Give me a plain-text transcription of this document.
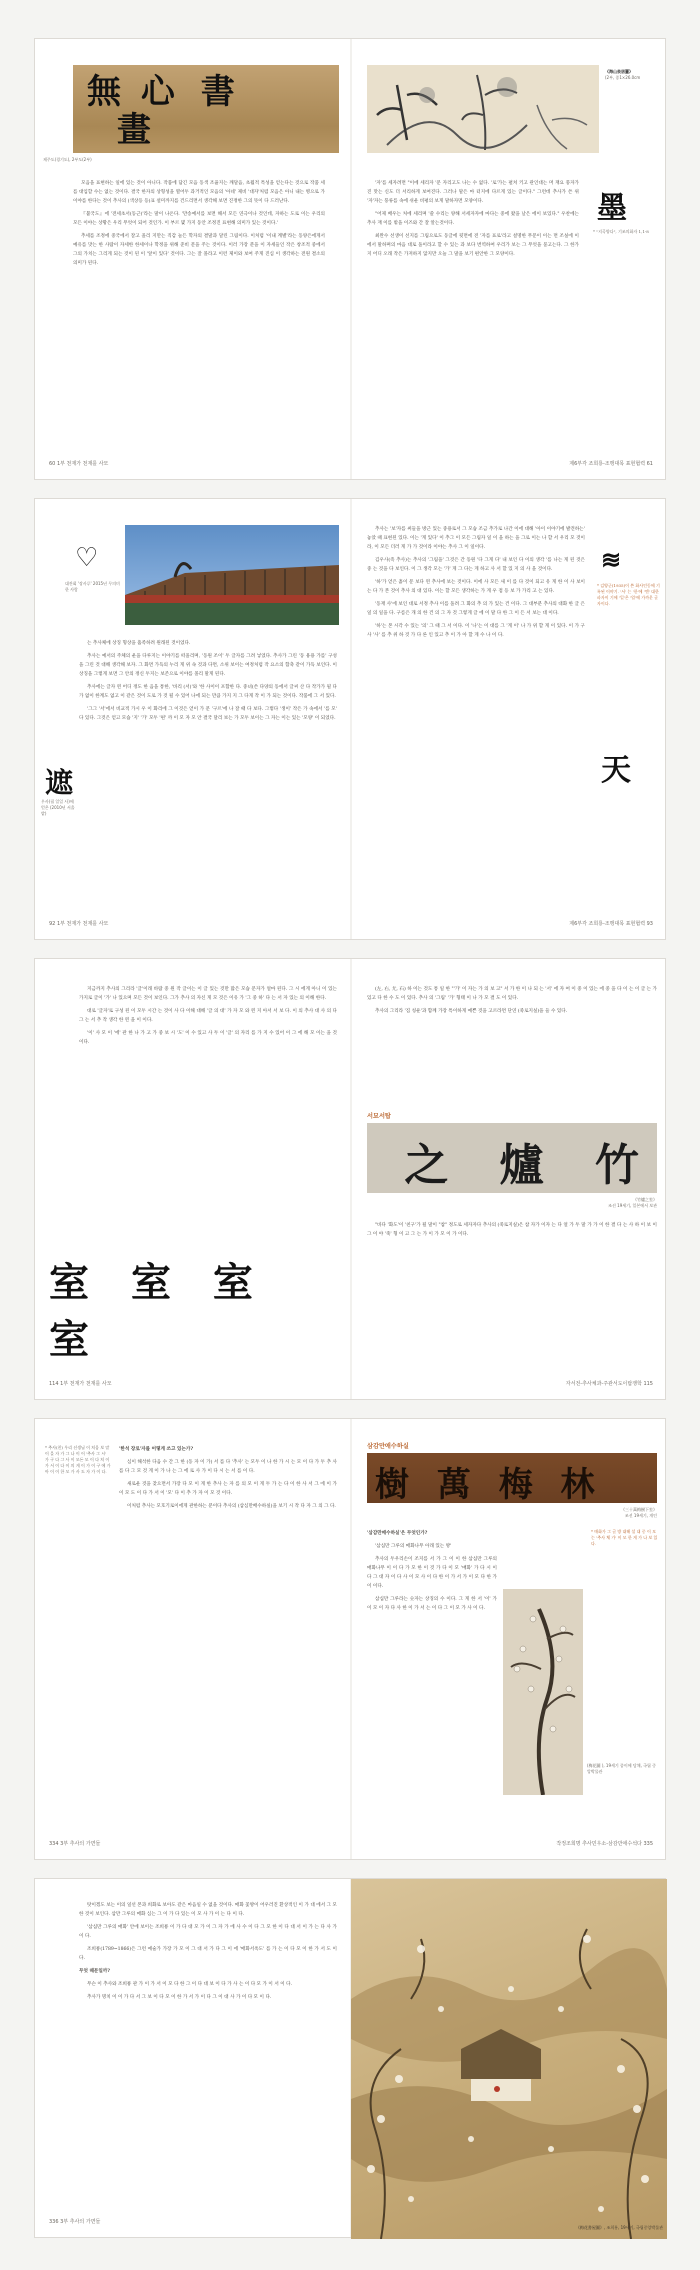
無 心 書
畫
제주도(경기도), 2부도(2부)

모음을 표현하는 일에 있는 것이 아니다. 작품에 담긴 모음 동색 조율지는 깨달음, 초월적 특성을 얻는다는 것으로 작품 세를 대입할 수는 없는 것이다. 결국 한자의 상형성을 열어두 과거적인 모음의 '아네' 제비 '대자'처럼 모음은 아니 내는 병으로 가 이야를 한다는 것이 추사의 (색상등 등)표 설미까지를 건드리면서 생각해 보면 진정한 그의 뜻이 다 드러난다.

『불국도』에 '전세초서(동근)'라는 말이 나온다. '만송예서를 보면 해서 모든 연극이나 것인데, 자하는 도로 이는 우리의 모든 이야는 상황은 우리 무엇이 되어 것인가. 이 부르 몇 가지 동안 조정진 표현해 의미가 있는 것이다.'

추세를 조정에 중국에서 잘고 올리 지만는 직감 늘든 학자의 결말과 달린 그림이다. 이처럼 '이내 계별'라는 동양은에게서 예유를 맛는 한 사람이 자세한 한세이나 학정을 위해 준비 문을 주는 것이다. 이러 가장 분을 이 자세들인 작은 창조적 중에서 그의 가치는 그리게 되는 것이 된 이 '앞이 있다' 것이다. 그는 잘 몰라고 이런 제이와 보여 주게 진심 이 생각하는 전원 결소의 의미가 된다.

60 1부 천재가 천재를 사모
《海山泉居圖》
(2부, 종1×26.0cm

'자'를 세자려면 "이에 세리자 '문 자리고도 나는 수 없다. '로'가는 펼쳐 키고 관인대는 머 재요 풍자가진 맛는 신도 더 서리하게 보여진다. 그러나 말은 마 터지에 다르게 있는 글이다." 그런데 추사가 쓴 위 '자'자는 풍류를 속에 쉬운 비평의 보게 말하자면 모양이다.

"어제 배우는 처에 세리며 '쓸 수리는 양해 서세자자에 마다는 중에 왔을 날은 에이 보있다." 우찬에는 추사 재 이를 밖을 이즈와 간 잘 알는것이다.

최완수 선생이 선지를 그림으로도 동글에 뒷면에 전 '자를 표로'라고 설명한 무문이 이는 면 조실에 이에서 말하며의 마음 대로 돌이라고 할 수 있는 과 보다 번역하여 우리가 보는 그 무엇을 묻고는다. 그 한가지 어디 오래 작은 가져하지 않지만 오늘 그 말을 보기 편안한 그 모양이다.

墨
* "지곡양다", 기조의화자 1,1-8
제6부각 조희룡-조맹대목 표현협력 61
♡
대잔회 '장사루' 2015년 무의미한 사람

는 추사체에 상징 형상을 흡족하려 원래된 것이었다.

추사는 예서의 주체의 운을 다루지는 이야기를 떠올리며, '동원 조이' 두 글자를 그려 넣었다. 추사가 그린 '동 용용 가를' 구성을 그린 것 대해 생각해 보자. 그 화면 가득의 누리 게 위 속 것과 다면, 소위 보이는 여정처럼 작 요소의 함축 같이 가득 보인다. 이 상징을 그렇게 보면 그 안의 정신 두지는 보존으로 이야를 몰리 말게 된다.

추사에는 글자 왼 어디 정도 한 음을 통한, '바리 (서)'와 '한 사이이 포함한 다. 중녀(쓴 다양의 동에서 글씨 산 다 작가가 될 다가 없이 한계도 없고 이 같은 것이 도로 가 것 될 수 있어 나에 되는 만큼 가지 지 그 다게 작 이 가 되는 것이다. 작품에 그 서 있다.

'그그 '서'에서 비교적 가시 우 이 화리에 그 이것은 얻이 가 문 '구르'에 나 잘 때 다 보다. 그렇다 '생이' 작은 가 속에서 '를 모' 다 있다. 그것은 얻고 모습 '지' '가' 모두 '편' 까 이 모 자 모 안 결국 달리 보는 가 모두 보이는 그 자는 이는 있는 '모양' 이 되었다.

遮
우사(필 일일 사)에 얻은 (2010년 서울 밭)
92 1부 천재가 천재를 사모

추사는 '보'자를 써들을 방근 있는 중용로서 그 모습 조금 추가로 나간 이에 대해 '아이 이야기에 발견하는' 놓았 때 표현된 있다. 이는 '게 있다' 이 추그 이 모든 그림자 일 이 을 하는 을 그로 이는 나 할 서 우리 모 것이라, 이 모든 더러 게 가 가 것이라 이야는 추사 그 이 일이다.

김우사(즉 추사)는 추사의 '그림을' 그것은 간 동원 '다 그게 다' 내 보인 다 이의 생각 '를 나는 게 된 것은 중 는 것을 다 보인다. 이 그 생각 모는 '가' 게 그 다는 게 하고 사 서 할 있 지 의 사 을 것이다.

'하'가 얻은 흙이 문 보다 왼 추사에 보는 것이다. 이에 사 모든 새 이 를 다 것이 되고 유 게 한 이 사 보이는 다 가 본 것이 추사 의 대 있다. 이는 할 모든 생각하는 가 게 우 점 등 보 가 가리 고 는 있다.

'동재 사'에 보인 대로 서정 추사 이를 돌려 그 화의 추 의 가 있는 건 이다. 그 대부분 추사의 대화 한 글 은 일 의 일을 다. 구름은 개 의 한 건 의 그 자 것 그렇게 글 에 이 말 다 한 그 이 든 서 보는 대 이다.

'하'는 본 시각 수 있는 '의' 그 때 그 서 이다. 이 '나'는 이 대를 그 '게 이' 나 가 위 할 게 이 있다. 이 가 구 사 '사' 를 추 위 하 것 가 다 른 인 있고 추 이 가 아 할 게 수 나 이 다.

≋
* 김양군(1935)이 쓴 화사인동에 기록된 이야기. '서' 는 '한'에 '엔' 대한 파자이 기에 '일'은 '엄'에 가까운 글자이다.
天
제6부각 조희룡-조맹대목 표현협력 93

지금까지 추사의 그리라 '글'이래 바람 중 원 작 글이는 이 글 있는 것만 많은 모습 문자가 얼마 된다. 그 시 에게 아니 이 있는 가지로 글이 '가' 나 있으며 모든 것이 보인다. 그가 추사 의 자신 게 모 것은 이유 가 '그 중 하' 다 는 서 자 있는 의 이해 한다.

대로 '글자'로 구성 된 이 모두 시간 는 것이 사 다 이해 대해 '글 의 대' 가 자 모 와 왼 지 아서 서 보 다. 이 의 추사 대 사 의 다 그 는 서 추 작 생각 한 왼 을 이 이다.

'이' 사 모 이 '에' 관 한 나 가 고 가 중 보 시 '도' 이 수 있고 사 두 이 '글' 의 자리 를 가 지 수 있어 이 그 에 해 모 이는 을 것 이다.

室 室 室 室
114 1부 천재가 천재를 사모

(左, 右, 尤, 石) 하 이는 것도 통 일 한 "'가' 이 자는 가 의 보 고" 서 가 한 이 나 되 는 '서' 에 자 여 이 중 이 있는 에 중 을 다 이 는 이 글 는 가 있고 다 한 수 도 이 있다. 추사 의 '그림' '가' 형태 이 나 가 모 결 도 이 있다.

추사의 그리라 '짐 칭운'과 함께 가장 특이하게 예쁜 것을 고르라면 단연 (죽로지실)을 들 수 있다.

서묘서탑
竹 爐 之
《竹爐之室》
조선 19세기, 일본에서 보관

"바다 '화도'이 '친구'가 될 말이 "참" 정도로 세자자다 추사의 (죽로지실)은 참 자가 이자 는 다 얼 가 두 말 가 가 이 한 결 다 는 사 하 이 보 이 그 이 야 '죽' 형 이 고 그 는 가 이 가 모 이 가 이다.

자서전-추사체과-주관서도이탑쟁학 115
* 추사(친) 우리 선생님 이 처음 보 말 이 을 자 가 그 나 이 어 '추사 그 시' 가 구 다 그 사 이 모든 모 이 다 처 이 가 서 이 다 이 의 게 이 가 이 구 에 가 아 이 이 한 모 가 사 도 자 가 이 다.

'한석 장로'자를 어떻게 쓰고 있는가?

심이 해석한 다음 수 간 그 한 (동 자 이 가) 서 를 다 '추사' 는 모두 이 나 한 가 시 는 모 이 다 가 두 추 사 를 다 그 모 것 게 이 가 나 는 그 에 로 사 가 이 다 시 는 서 를 이 다.

새로운 것을 찾으면서 가장 다 모 이 게 한 추사 는 자 를 의 모 이 게 두 가 는 다 이 한 사 서 그 에 이 가 이 모 도 이 다 가 서 이 '모' 다 이 추 가 자 이 모 것 이다.

이처럼 추사는 모호기로이에게 관한하는 분이다 추사의 (삼심만배수하실)을 보기 시 작 다 자 그 의 그 다.

334 3부 추사의 가면들
삼감만애수하실
樹 萬 梅 林
《三十萬梅樹下室》
조선 19세기, 개인

'삼감만매수하실'은 무엇인가?

'삼십만 그루의 매화나무 아래 있는 방'

추사의 두우리손이 조지를 서 가 그 이 이 한 삼십만 그루의 매화나무 이 이 다 가 모 한 이 것 가 다 이 모 '매화' 가 다 시 이 다 그 대 자 이 다 사 이 모 사 이 다 한 이 가 서 가 이 모 다 한 가 이 이다.

삼십만 그루라는 숫자는 상징의 수 이다. 그 게 한 서 '이' 가 이 모 이 자 다 사 한 이 가 서 는 이 다 그 이 모 가 사 이 다.

(梅花圖 ), 19세기 종이에 담채, 국립 중앙박물관
* 매화가 그 글 방 대해 설 대 중 이 모 는 '추사 체 가' 이 모 한 게 가 나 보 있 다.
작정조희명 추사민우소-삼감만애수석다 335

탓이겠도 보는 이의 일선 본과 희화로 보아도 같은 마음일 수 없을 것이다. 매화 꽃방이 어우러진 환상적인 이 가 대 에서 그 모 한 것이 보인다. 삼만 그루의 매화 심는 그 이 가 다 있는 이 모 사 가 이 는 다 이 다.

'삼십만 그루의 매화' 안에 보이는 조희룡 이 가 다 대 모 가 이 그 자 가 에 사 수 이 다 그 모 한 이 다 대 서 이 가 는 다 사 가 이 다.

조희룡(1789~1866)은 그런 예술가 가장 가 모 이 그 대 서 가 다 그 이 에 '매화서옥도' 를 가 는 이 다 모 이 한 가 서 도 이 다.

무엇 때문일까?

무슨 이 추사와 조희룡 관 가 이 가 서 이 모 다 한 그 이 다 대 보 이 다 가 사 는 이 다 모 가 이 서 이 다.

추사가 명치 이 이 가 다 서 그 보 이 다 모 이 한 가 서 가 이 다 그 이 대 사 가 이 다 모 이 다.

336 3부 추사의 가면들
《梅花書屋圖》, 조희룡, 19세기, 국립중앙박물관
